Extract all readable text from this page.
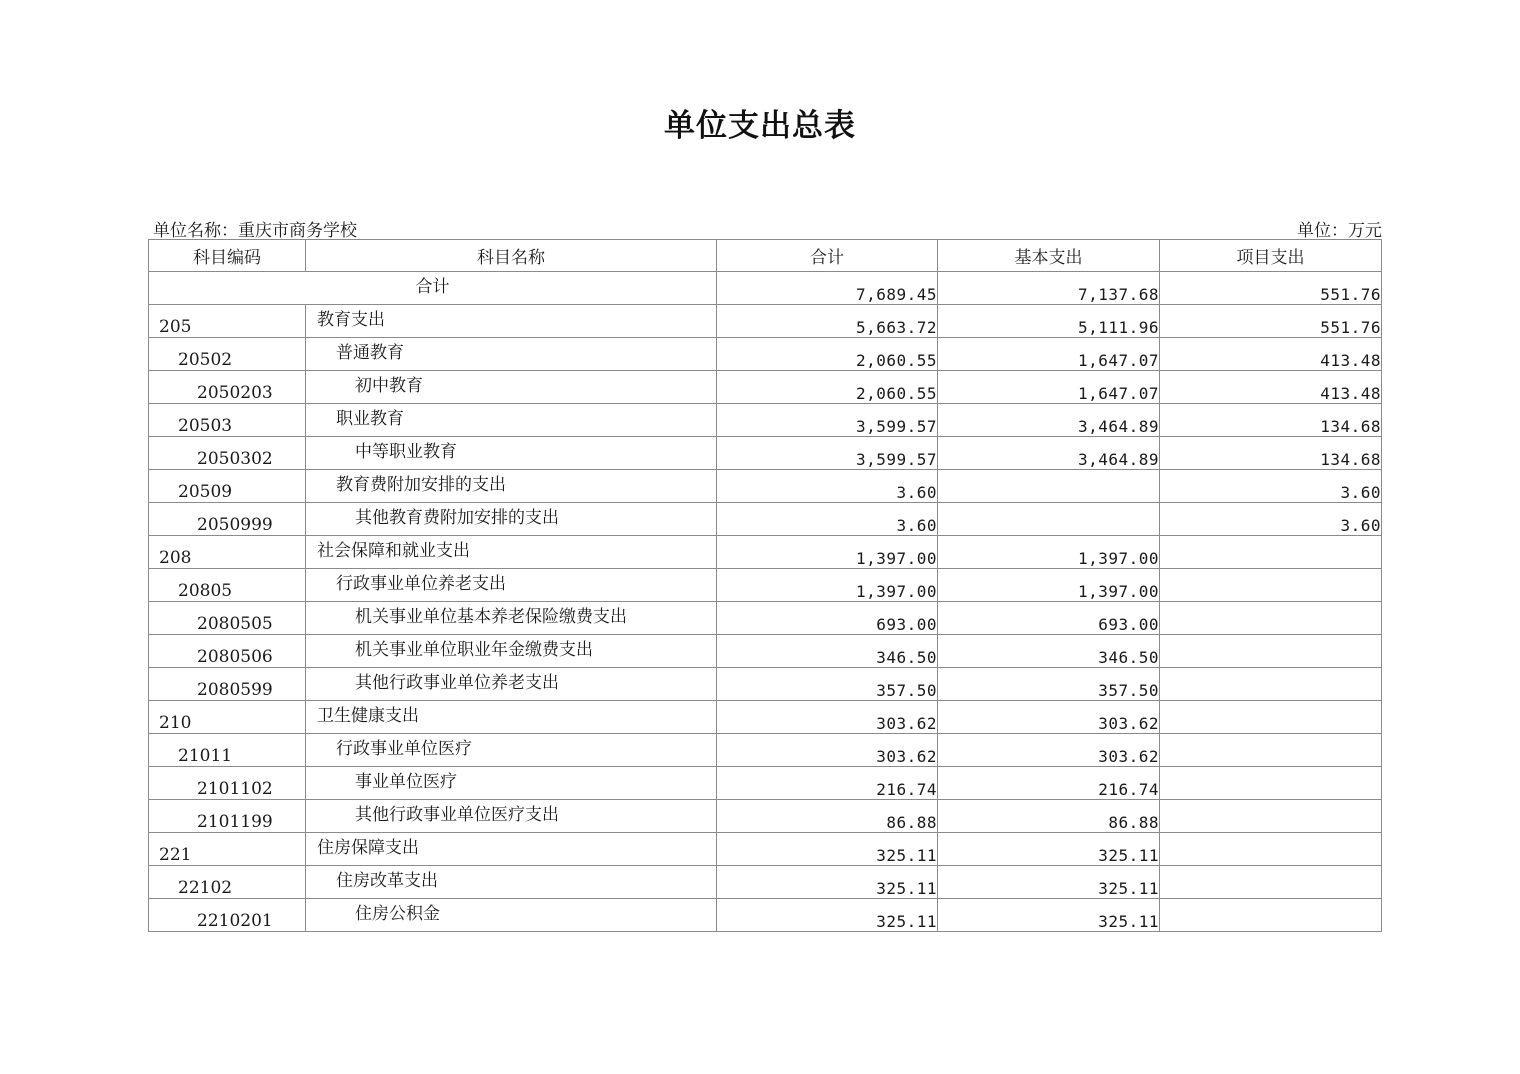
单位支出总表
单位名称：重庆市商务学校	单位：万元
科目编码	科目名称	合计	基本支出	项目支出
合计		7,689.45	7,137.68	551.76
205	教育支出	5,663.72	5,111.96	551.76
20502	普通教育	2,060.55	1,647.07	413.48
2050203	初中教育	2,060.55	1,647.07	413.48
20503	职业教育	3,599.57	3,464.89	134.68
2050302	中等职业教育	3,599.57	3,464.89	134.68
20509	教育费附加安排的支出	3.60		3.60
2050999	其他教育费附加安排的支出	3.60		3.60
208	社会保障和就业支出	1,397.00	1,397.00	
20805	行政事业单位养老支出	1,397.00	1,397.00	
2080505	机关事业单位基本养老保险缴费支出	693.00	693.00	
2080506	机关事业单位职业年金缴费支出	346.50	346.50	
2080599	其他行政事业单位养老支出	357.50	357.50	
210	卫生健康支出	303.62	303.62	
21011	行政事业单位医疗	303.62	303.62	
2101102	事业单位医疗	216.74	216.74	
2101199	其他行政事业单位医疗支出	86.88	86.88	
221	住房保障支出	325.11	325.11	
22102	住房改革支出	325.11	325.11	
2210201	住房公积金	325.11	325.11	
